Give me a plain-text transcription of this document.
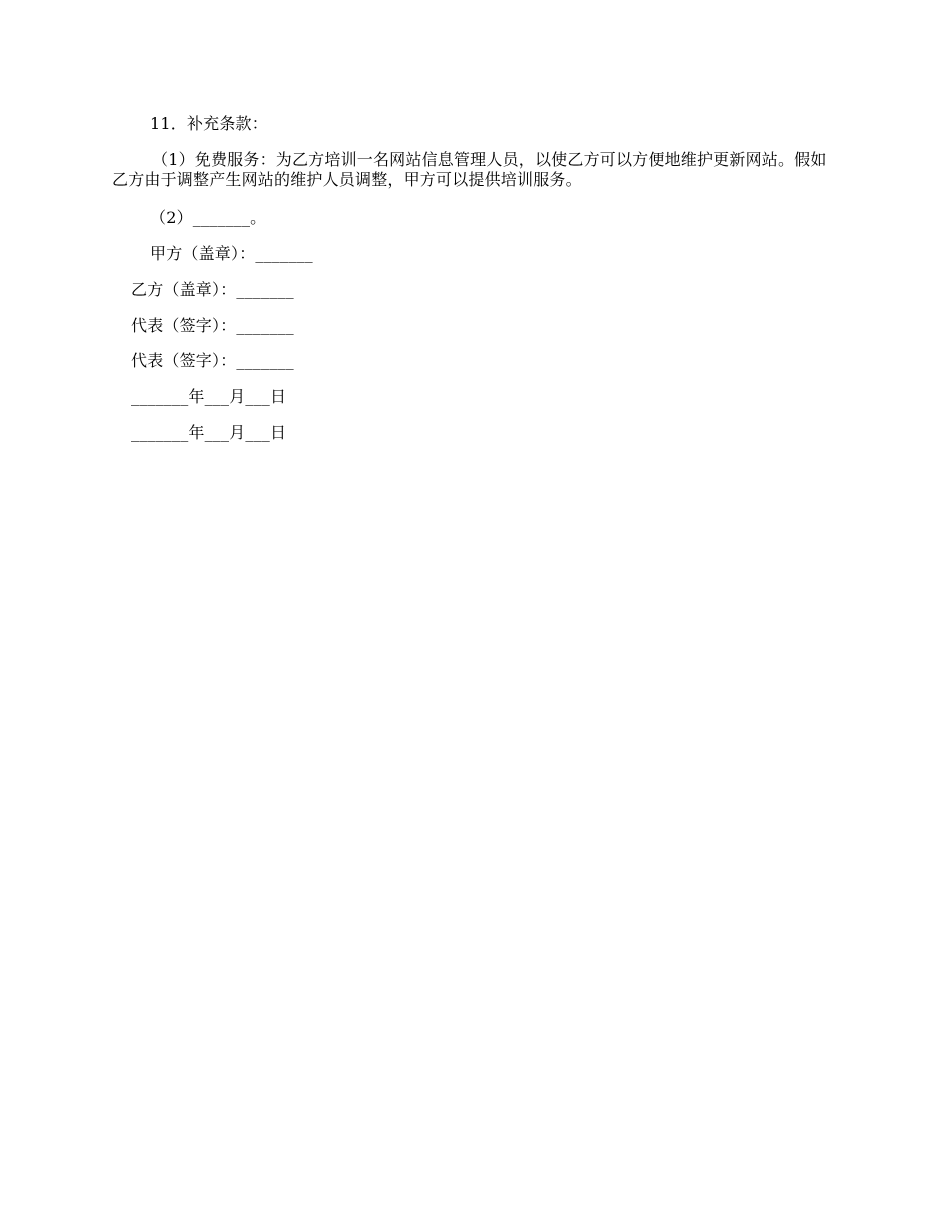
11．补充条款：
（1）免费服务：为乙方培训一名网站信息管理人员，以使乙方可以方便地维护更新网站。假如乙方由于调整产生网站的维护人员调整，甲方可以提供培训服务。
（2）_______。
甲方（盖章）：_______
乙方（盖章）：_______
代表（签字）：_______
代表（签字）：_______
_______年___月___日
_______年___月___日
